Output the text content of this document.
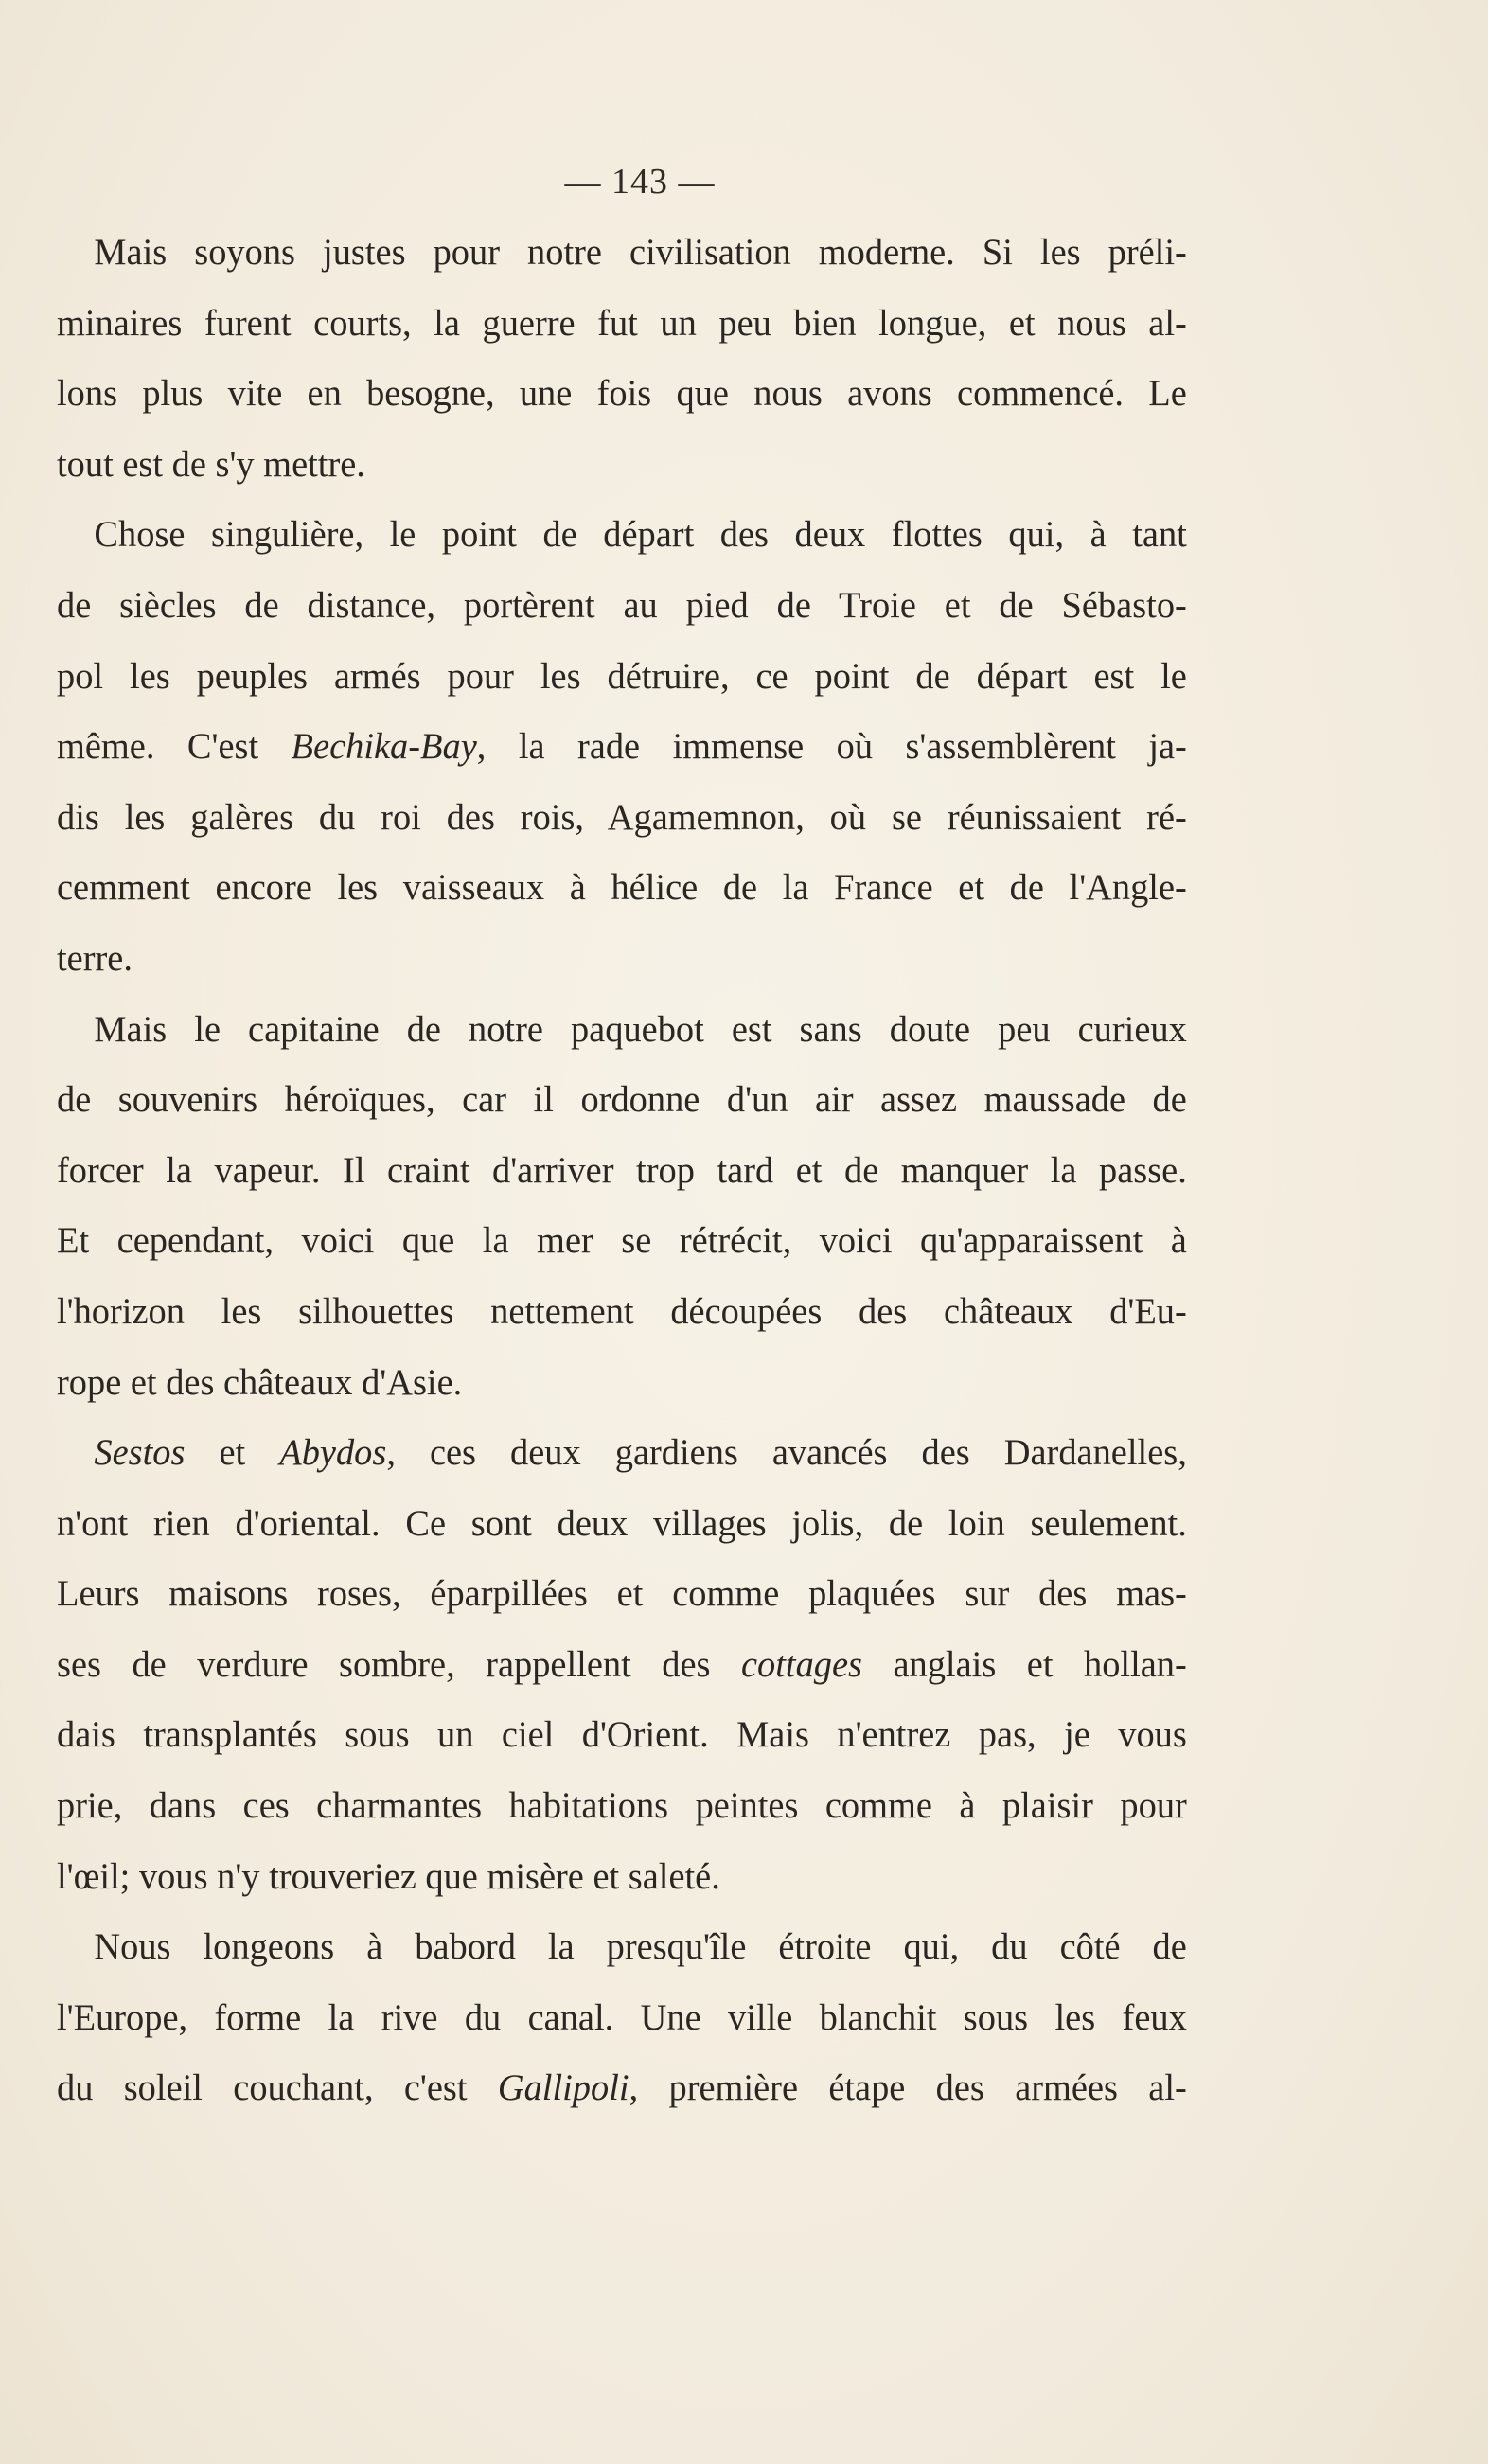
— 143 —
Mais soyons justes pour notre civilisation moderne. Si les préli-
minaires furent courts, la guerre fut un peu bien longue, et nous al-
lons plus vite en besogne, une fois que nous avons commencé. Le
tout est de s'y mettre.
Chose singulière, le point de départ des deux flottes qui, à tant
de siècles de distance, portèrent au pied de Troie et de Sébasto-
pol les peuples armés pour les détruire, ce point de départ est le
même. C'est Bechika-Bay, la rade immense où s'assemblèrent ja-
dis les galères du roi des rois, Agamemnon, où se réunissaient ré-
cemment encore les vaisseaux à hélice de la France et de l'Angle-
terre.
Mais le capitaine de notre paquebot est sans doute peu curieux
de souvenirs héroïques, car il ordonne d'un air assez maussade de
forcer la vapeur. Il craint d'arriver trop tard et de manquer la passe.
Et cependant, voici que la mer se rétrécit, voici qu'apparaissent à
l'horizon les silhouettes nettement découpées des châteaux d'Eu-
rope et des châteaux d'Asie.
Sestos et Abydos, ces deux gardiens avancés des Dardanelles,
n'ont rien d'oriental. Ce sont deux villages jolis, de loin seulement.
Leurs maisons roses, éparpillées et comme plaquées sur des mas-
ses de verdure sombre, rappellent des cottages anglais et hollan-
dais transplantés sous un ciel d'Orient. Mais n'entrez pas, je vous
prie, dans ces charmantes habitations peintes comme à plaisir pour
l'œil; vous n'y trouveriez que misère et saleté.
Nous longeons à babord la presqu'île étroite qui, du côté de
l'Europe, forme la rive du canal. Une ville blanchit sous les feux
du soleil couchant, c'est Gallipoli, première étape des armées al-
